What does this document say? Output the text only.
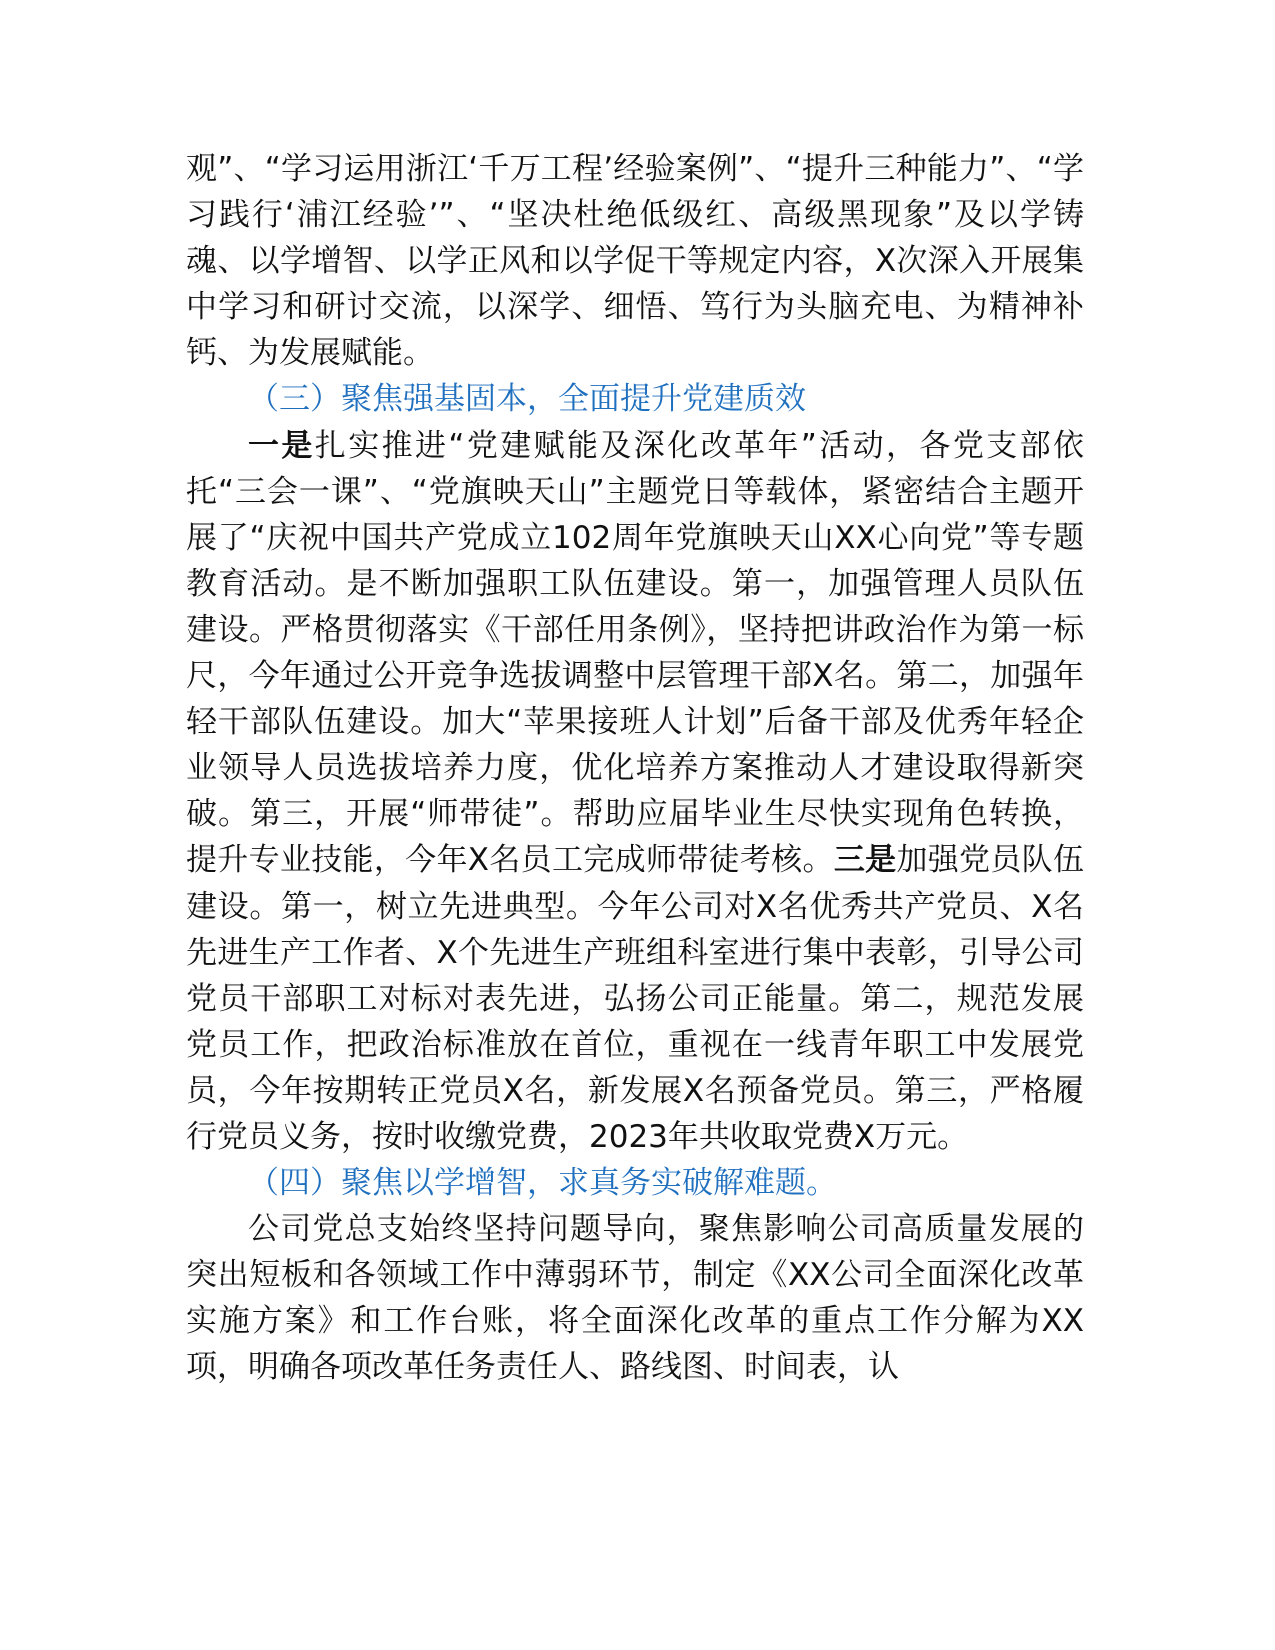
观”、“学习运用浙江‘千万工程’经验案例”、“提升三种能力”、“学习践行‘浦江经验’”、“坚决杜绝低级红、高级黑现象”及以学铸魂、以学增智、以学正风和以学促干等规定内容，X次深入开展集中学习和研讨交流，以深学、细悟、笃行为头脑充电、为精神补钙、为发展赋能。

（三）聚焦强基固本，全面提升党建质效

一是扎实推进“党建赋能及深化改革年”活动，各党支部依托“三会一课”、“党旗映天山”主题党日等载体，紧密结合主题开展了“庆祝中国共产党成立102周年党旗映天山XX心向党”等专题教育活动。是不断加强职工队伍建设。第一，加强管理人员队伍建设。严格贯彻落实《干部任用条例》，坚持把讲政治作为第一标尺，今年通过公开竞争选拔调整中层管理干部X名。第二，加强年轻干部队伍建设。加大“苹果接班人计划”后备干部及优秀年轻企业领导人员选拔培养力度，优化培养方案推动人才建设取得新突破。第三，开展“师带徒”。帮助应届毕业生尽快实现角色转换，提升专业技能，今年X名员工完成师带徒考核。三是加强党员队伍建设。第一，树立先进典型。今年公司对X名优秀共产党员、X名先进生产工作者、X个先进生产班组科室进行集中表彰，引导公司党员干部职工对标对表先进，弘扬公司正能量。第二，规范发展党员工作，把政治标准放在首位，重视在一线青年职工中发展党员，今年按期转正党员X名，新发展X名预备党员。第三，严格履行党员义务，按时收缴党费，2023年共收取党费X万元。

（四）聚焦以学增智，求真务实破解难题。

公司党总支始终坚持问题导向，聚焦影响公司高质量发展的突出短板和各领域工作中薄弱环节，制定《XX公司全面深化改革实施方案》和工作台账，将全面深化改革的重点工作分解为XX项，明确各项改革任务责任人、路线图、时间表，认
